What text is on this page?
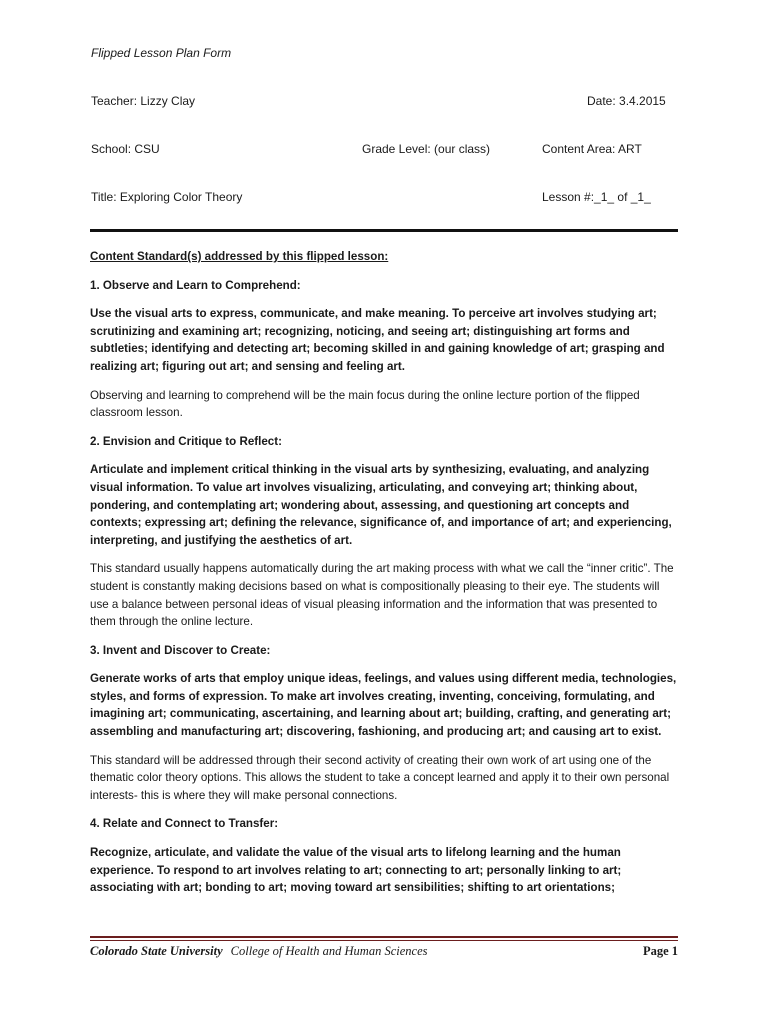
Flipped Lesson Plan Form
Teacher: Lizzy Clay	Date: 3.4.2015
School: CSU	Grade Level: (our class)	Content Area: ART
Title: Exploring Color Theory	Lesson #:_1_ of _1_

Content Standard(s) addressed by this flipped lesson:

1. Observe and Learn to Comprehend:

Use the visual arts to express, communicate, and make meaning. To perceive art involves studying art; scrutinizing and examining art; recognizing, noticing, and seeing art; distinguishing art forms and subtleties; identifying and detecting art; becoming skilled in and gaining knowledge of art; grasping and realizing art; figuring out art; and sensing and feeling art.

Observing and learning to comprehend will be the main focus during the online lecture portion of the flipped classroom lesson.

2. Envision and Critique to Reflect:

Articulate and implement critical thinking in the visual arts by synthesizing, evaluating, and analyzing visual information. To value art involves visualizing, articulating, and conveying art; thinking about, pondering, and contemplating art; wondering about, assessing, and questioning art concepts and contexts; expressing art; defining the relevance, significance of, and importance of art; and experiencing, interpreting, and justifying the aesthetics of art.

This standard usually happens automatically during the art making process with what we call the “inner critic”. The student is constantly making decisions based on what is compositionally pleasing to their eye. The students will use a balance between personal ideas of visual pleasing information and the information that was presented to them through the online lecture.

3. Invent and Discover to Create:

Generate works of arts that employ unique ideas, feelings, and values using different media, technologies, styles, and forms of expression. To make art involves creating, inventing, conceiving, formulating, and imagining art; communicating, ascertaining, and learning about art; building, crafting, and generating art; assembling and manufacturing art; discovering, fashioning, and producing art; and causing art to exist.

This standard will be addressed through their second activity of creating their own work of art using one of the thematic color theory options. This allows the student to take a concept learned and apply it to their own personal interests- this is where they will make personal connections.

4. Relate and Connect to Transfer:

Recognize, articulate, and validate the value of the visual arts to lifelong learning and the human experience. To respond to art involves relating to art; connecting to art; personally linking to art; associating with art; bonding to art; moving toward art sensibilities; shifting to art orientations;

Colorado State University College of Health and Human Sciences	Page 1
